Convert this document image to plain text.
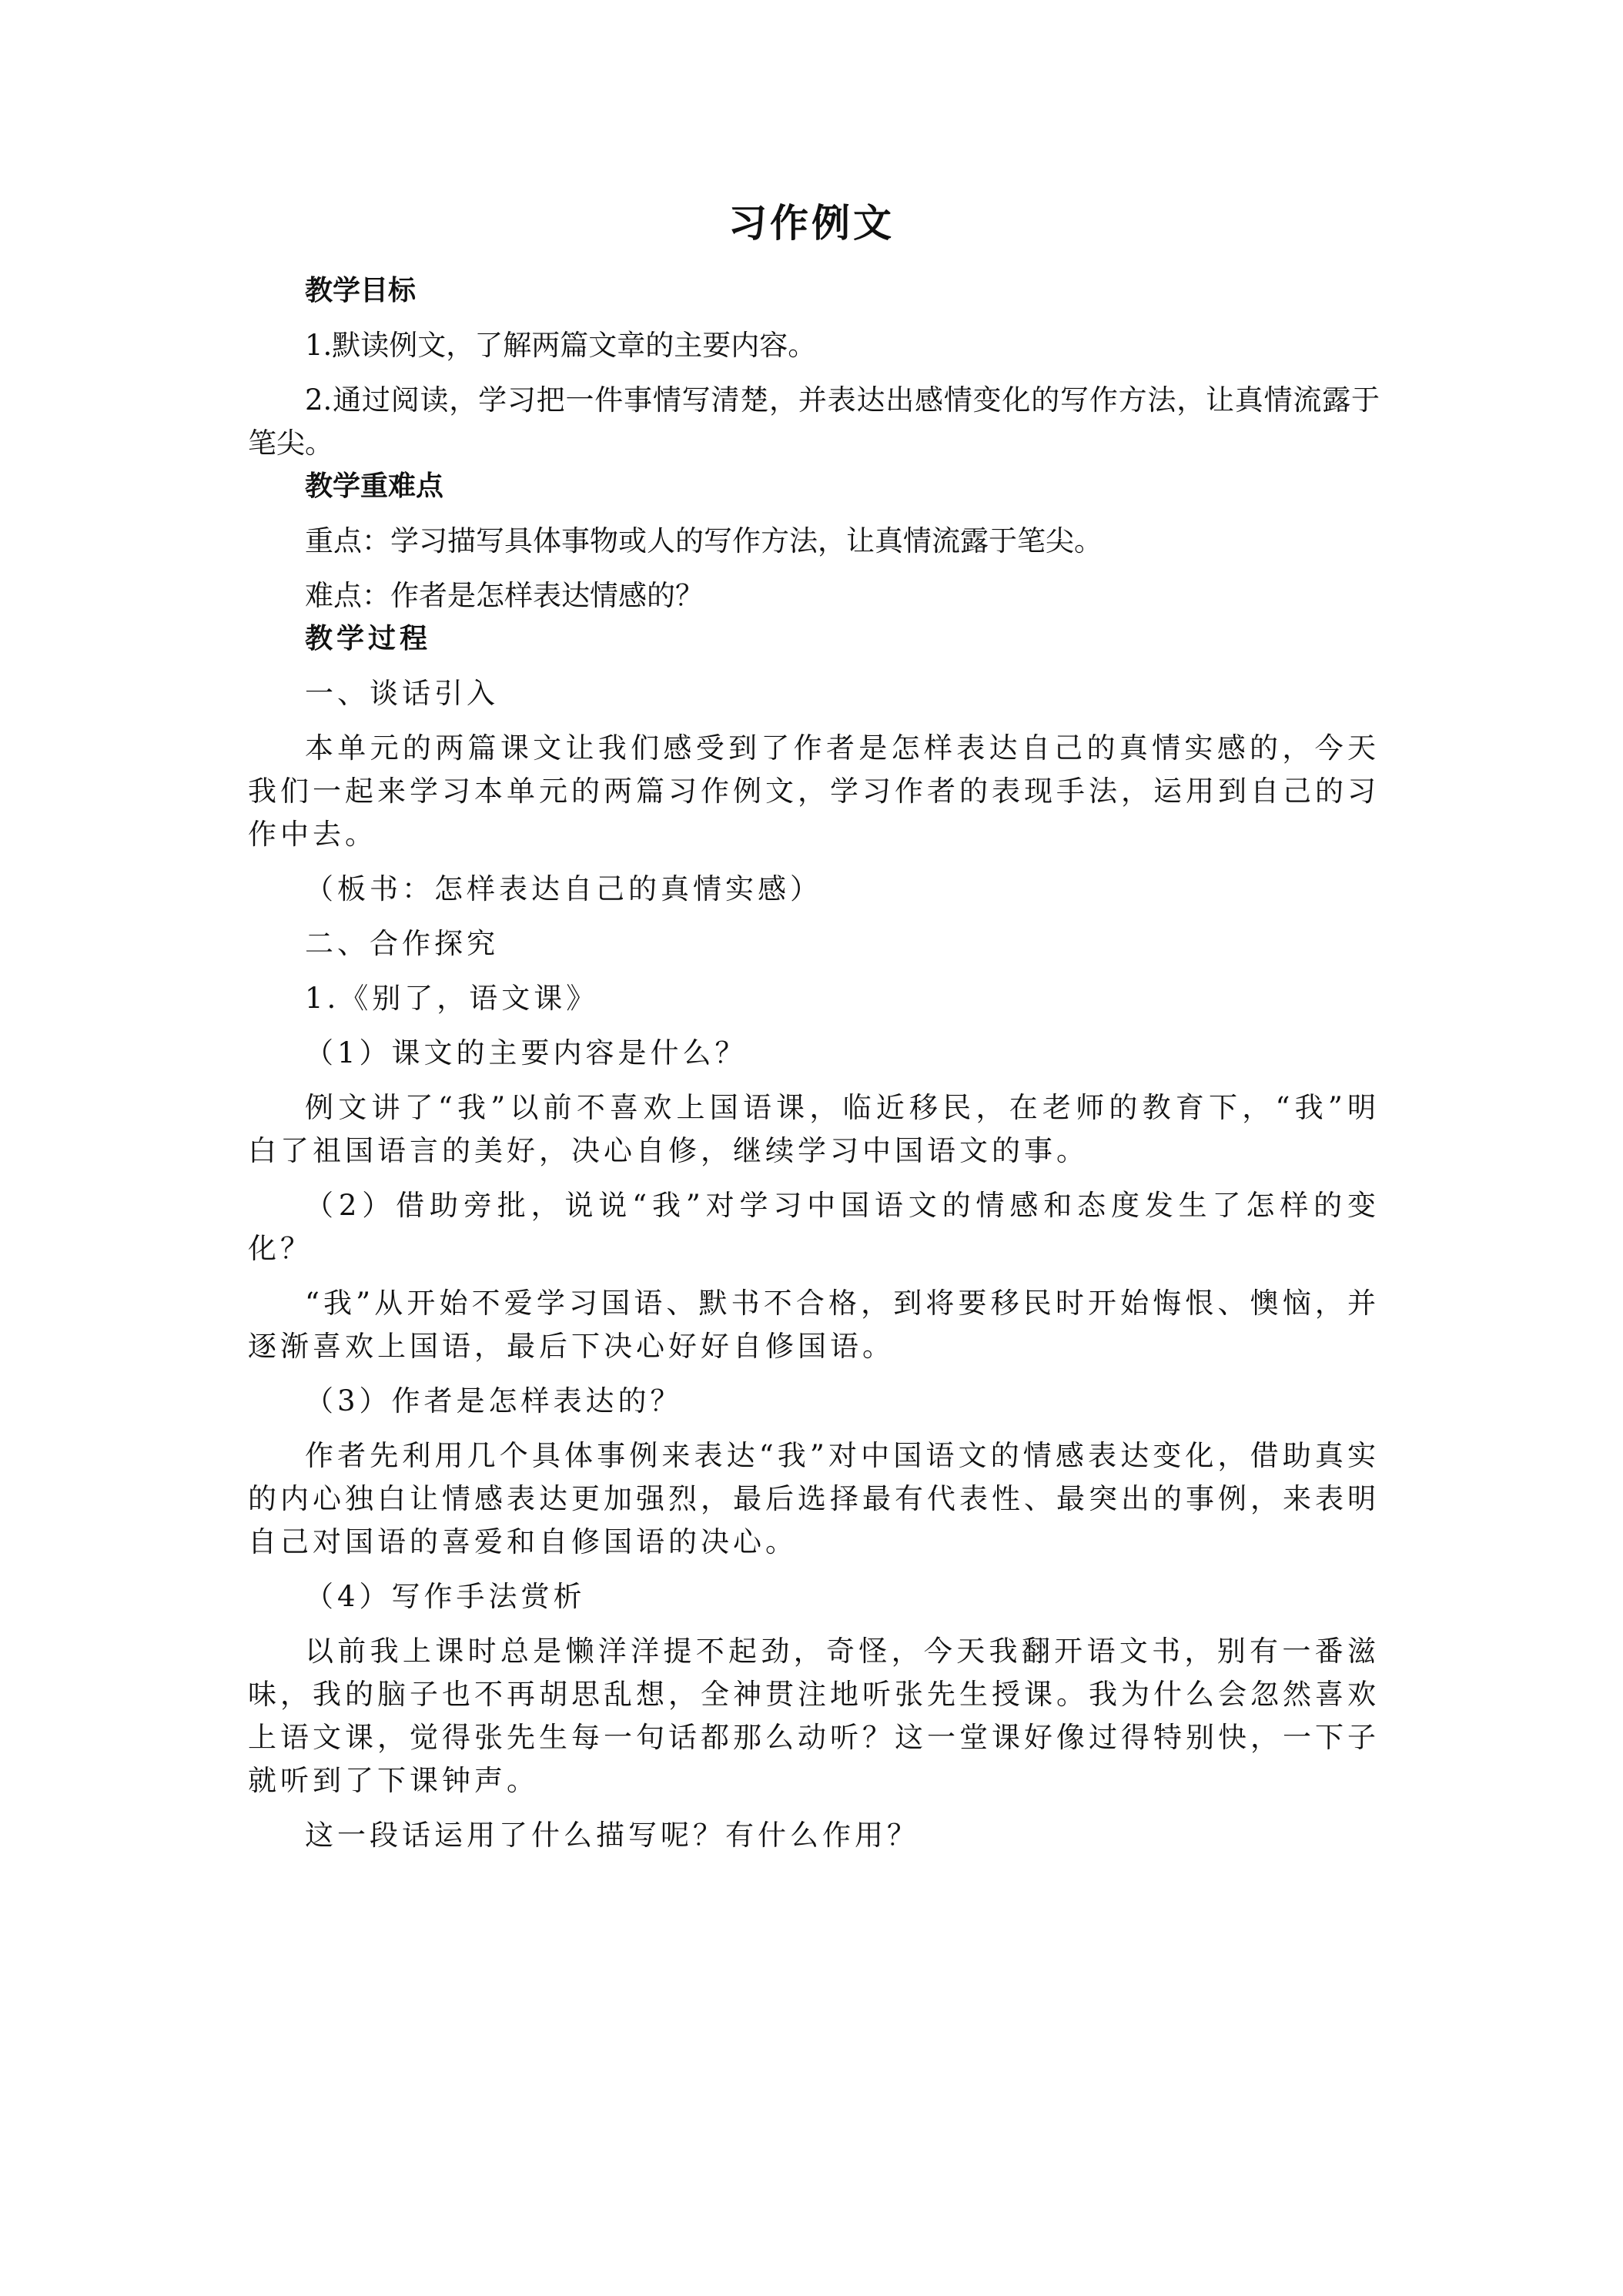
习作例文

教学目标

1.默读例文，了解两篇文章的主要内容。

2.通过阅读，学习把一件事情写清楚，并表达出感情变化的写作方法，让真情流露于笔尖。

教学重难点

重点：学习描写具体事物或人的写作方法，让真情流露于笔尖。

难点：作者是怎样表达情感的？

教学过程

一、谈话引入

本单元的两篇课文让我们感受到了作者是怎样表达自己的真情实感的，今天我们一起来学习本单元的两篇习作例文，学习作者的表现手法，运用到自己的习作中去。

（板书：怎样表达自己的真情实感）

二、合作探究

1.《别了，语文课》

（1）课文的主要内容是什么？

例文讲了“我”以前不喜欢上国语课，临近移民，在老师的教育下，“我”明白了祖国语言的美好，决心自修，继续学习中国语文的事。

（2）借助旁批，说说“我”对学习中国语文的情感和态度发生了怎样的变化？

“我”从开始不爱学习国语、默书不合格，到将要移民时开始悔恨、懊恼，并逐渐喜欢上国语，最后下决心好好自修国语。

（3）作者是怎样表达的？

作者先利用几个具体事例来表达“我”对中国语文的情感表达变化，借助真实的内心独白让情感表达更加强烈，最后选择最有代表性、最突出的事例，来表明自己对国语的喜爱和自修国语的决心。

（4）写作手法赏析

以前我上课时总是懒洋洋提不起劲，奇怪，今天我翻开语文书，别有一番滋味，我的脑子也不再胡思乱想，全神贯注地听张先生授课。我为什么会忽然喜欢上语文课，觉得张先生每一句话都那么动听？这一堂课好像过得特别快，一下子就听到了下课钟声。

这一段话运用了什么描写呢？有什么作用？
